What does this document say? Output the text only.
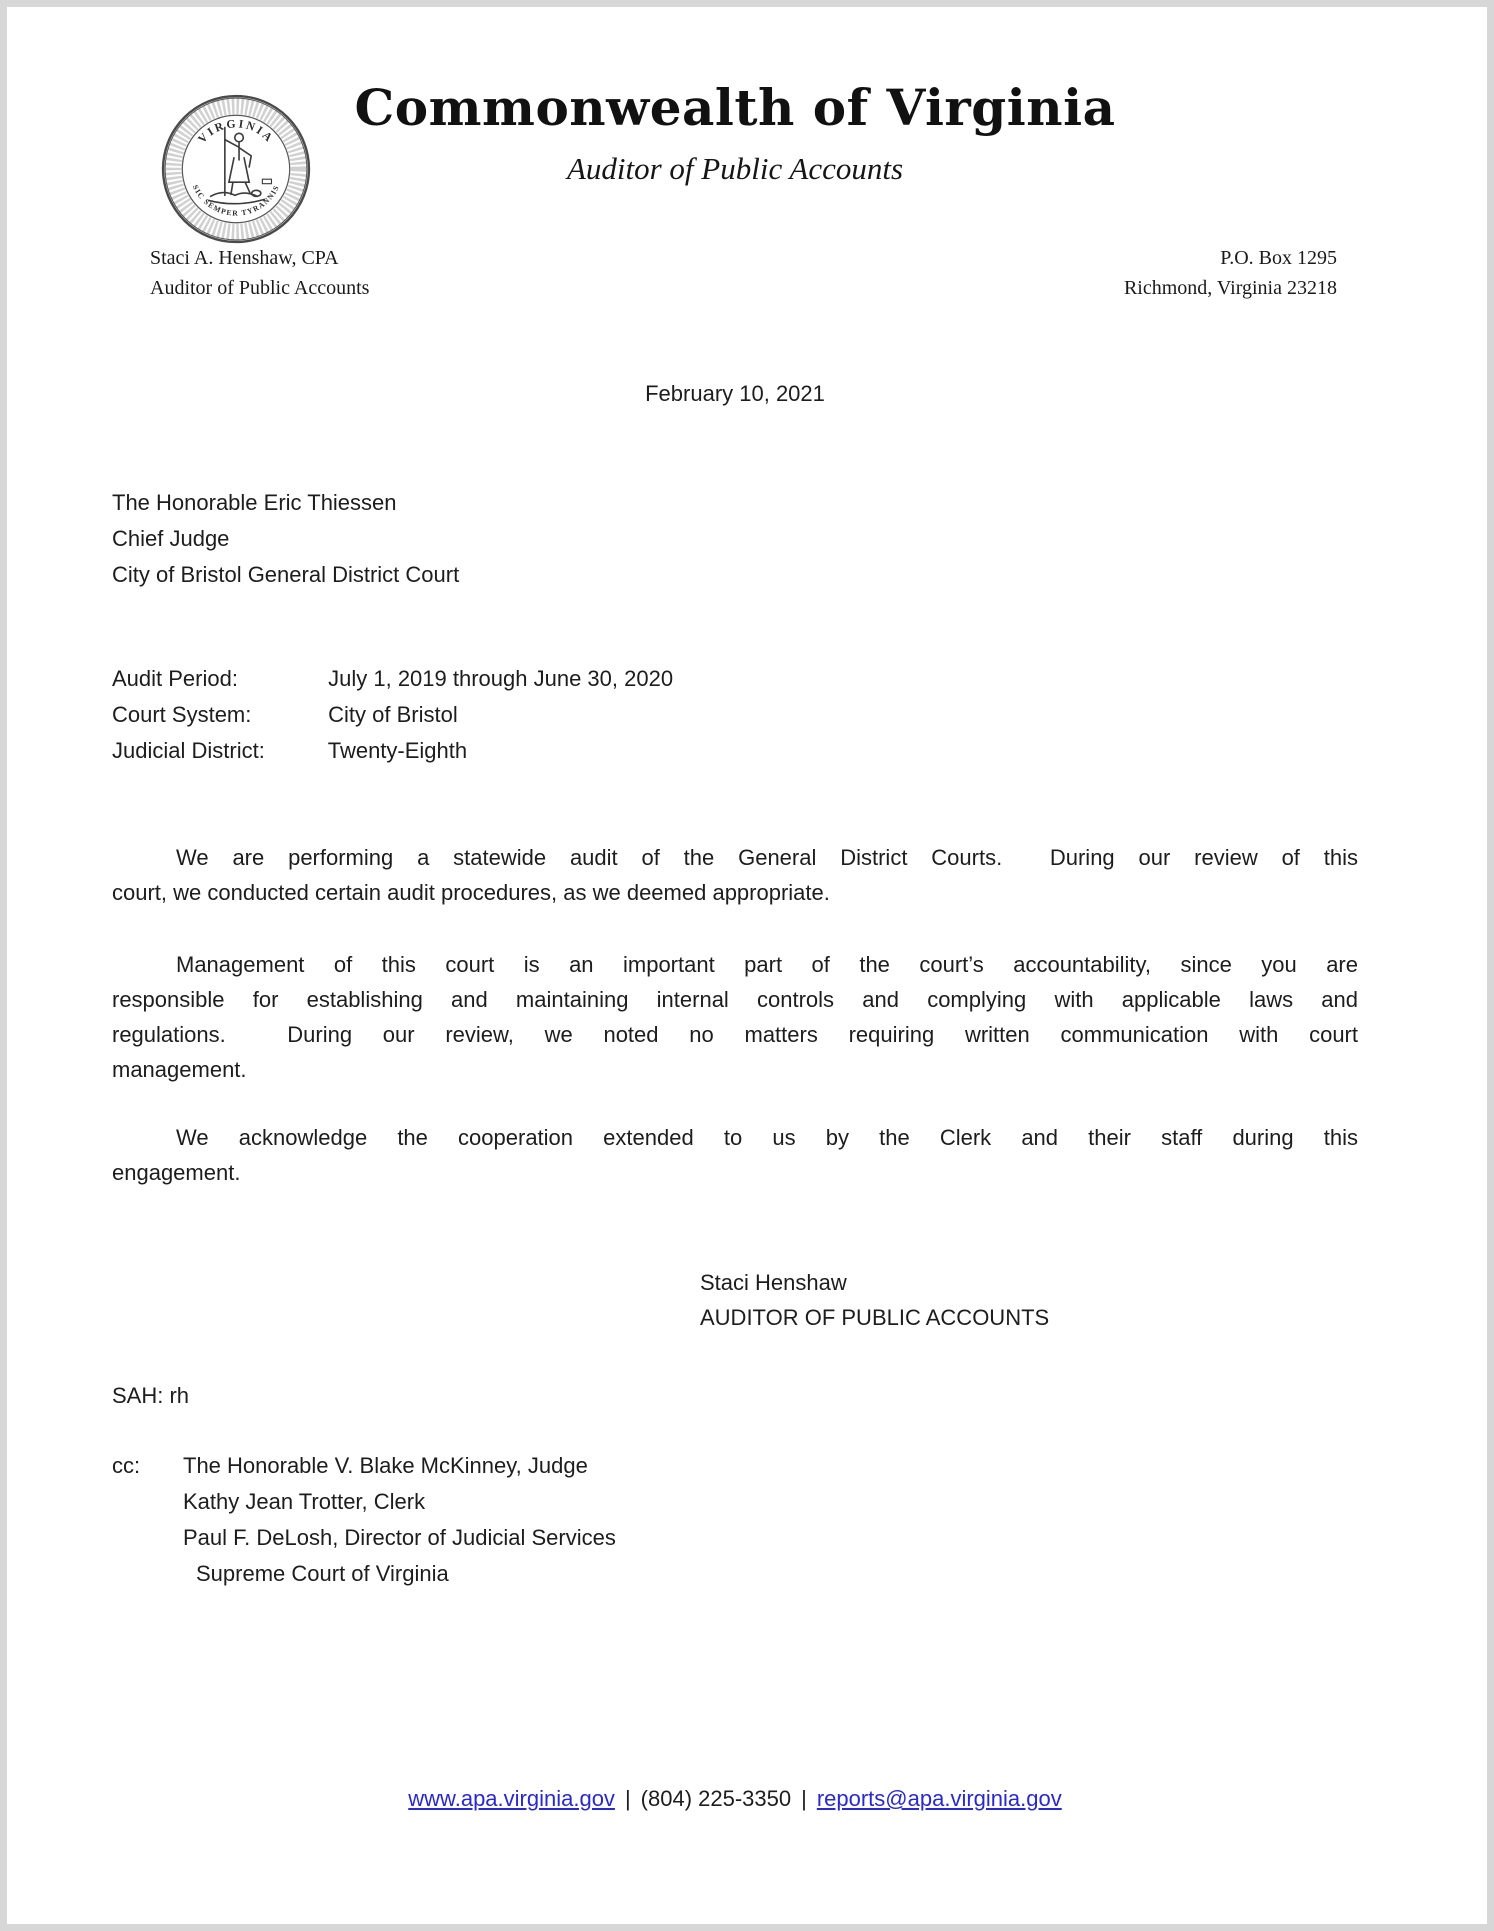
VIRGINIA
SIC SEMPER TYRANNIS
Commonwealth of Virginia
Auditor of Public Accounts
Staci A. Henshaw, CPA
Auditor of Public Accounts
P.O. Box 1295
Richmond, Virginia 23218
February 10, 2021
The Honorable Eric Thiessen
Chief Judge
City of Bristol General District Court
Audit Period:	July 1, 2019 through June 30, 2020
Court System:	City of Bristol
Judicial District:	Twenty-Eighth
We are performing a statewide audit of the General District Courts.  During our review of this
court, we conducted certain audit procedures, as we deemed appropriate.
Management of this court is an important part of the court’s accountability, since you are
responsible for establishing and maintaining internal controls and complying with applicable laws and
regulations.  During our review, we noted no matters requiring written communication with court
management.
We acknowledge the cooperation extended to us by the Clerk and their staff during this
engagement.
Staci Henshaw
AUDITOR OF PUBLIC ACCOUNTS
SAH: rh
cc: The Honorable V. Blake McKinney, Judge
Kathy Jean Trotter, Clerk
Paul F. DeLosh, Director of Judicial Services
Supreme Court of Virginia
www.apa.virginia.gov | (804) 225-3350 | reports@apa.virginia.gov
